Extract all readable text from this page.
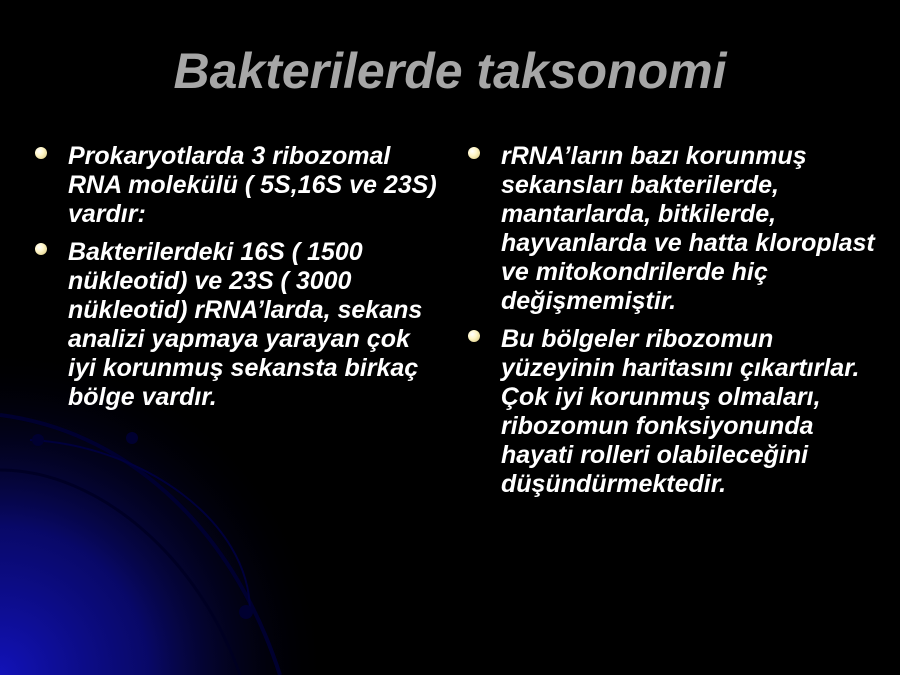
Bakterilerde taksonomi
Prokaryotlarda 3 ribozomal RNA molekülü ( 5S,16S ve 23S) vardır:
Bakterilerdeki 16S ( 1500 nükleotid) ve 23S ( 3000 nükleotid) rRNA’larda, sekans analizi yapmaya yarayan çok iyi korunmuş sekansta birkaç bölge vardır.
rRNA’ların bazı korunmuş sekansları bakterilerde, mantarlarda, bitkilerde, hayvanlarda ve hatta kloroplast ve mitokondrilerde hiç değişmemiştir.
Bu bölgeler ribozomun yüzeyinin haritasını çıkartırlar. Çok iyi korunmuş olmaları, ribozomun fonksiyonunda hayati rolleri olabileceğini düşündürmektedir.
